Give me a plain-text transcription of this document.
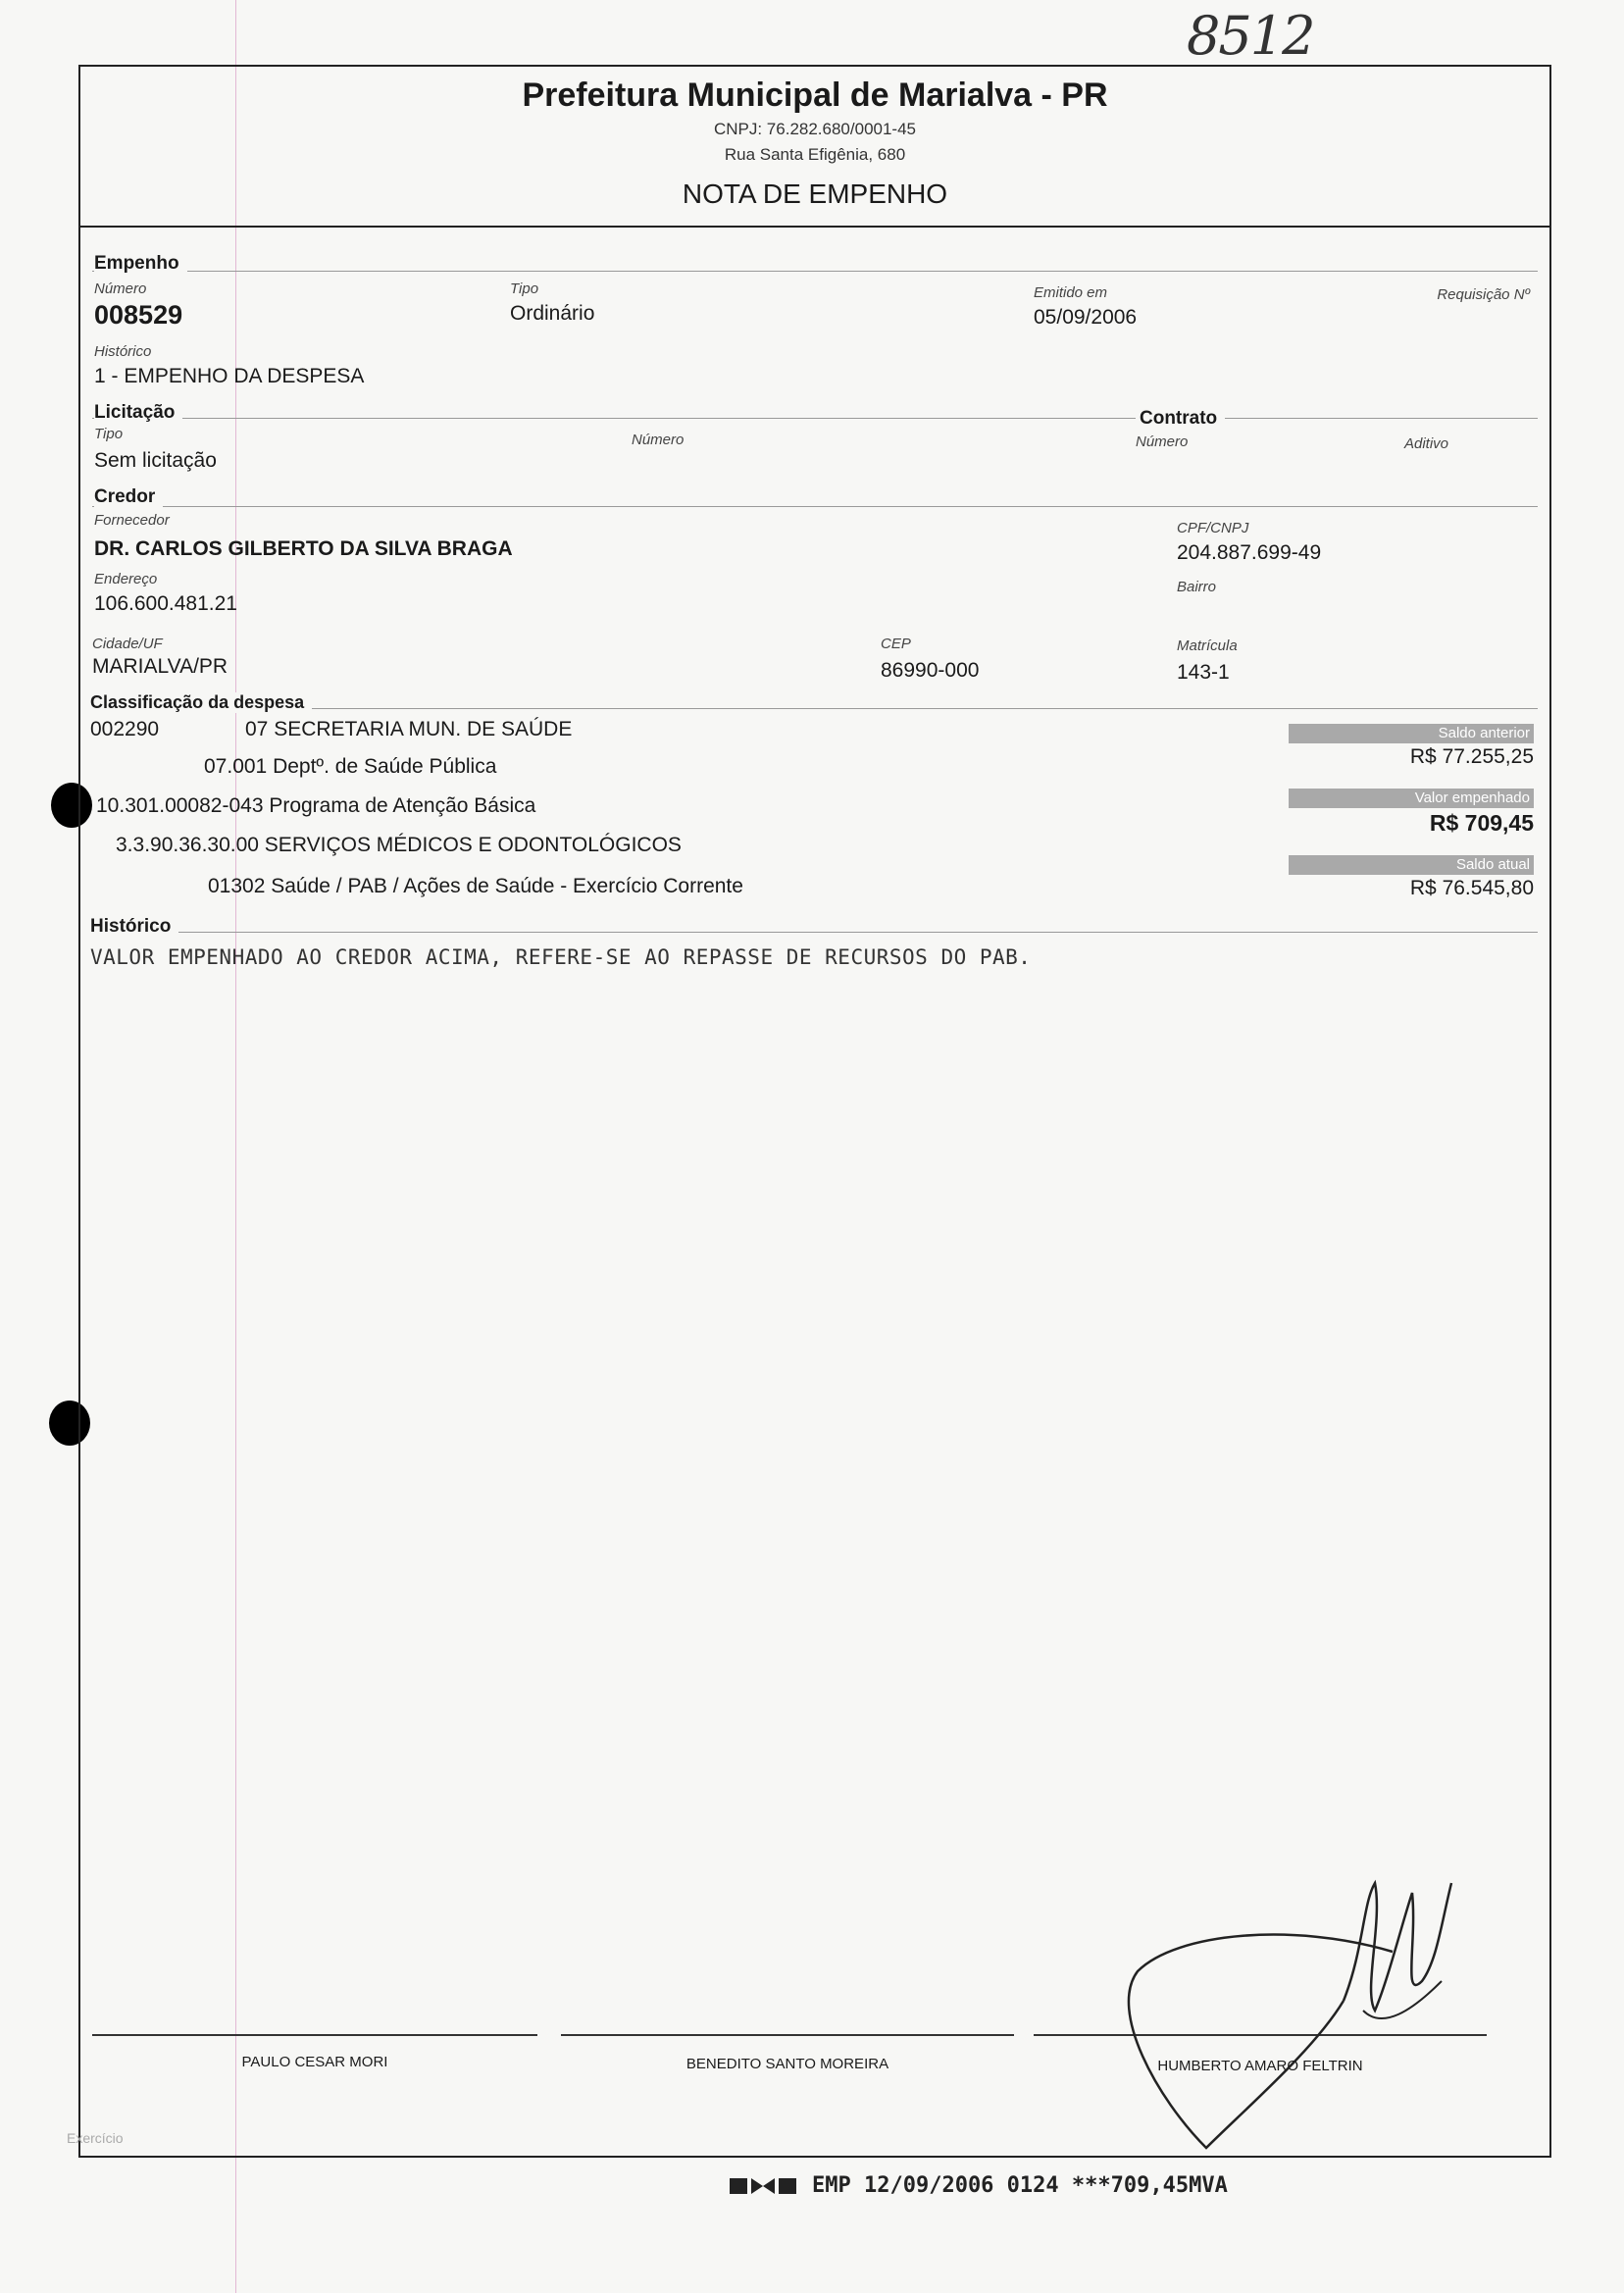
8512
Prefeitura Municipal de Marialva - PR
CNPJ: 76.282.680/0001-45
Rua Santa Efigênia, 680
NOTA DE EMPENHO
Empenho
Número
008529
Tipo
Ordinário
Emitido em
05/09/2006
Requisição Nº
Histórico
1 - EMPENHO DA DESPESA
Licitação	Contrato
Tipo
Sem licitação
Número	Número	Aditivo
Credor
Fornecedor
DR. CARLOS GILBERTO DA SILVA BRAGA
CPF/CNPJ
204.887.699-49
Endereço
106.600.481.21
Bairro
Cidade/UF
MARIALVA/PR
CEP
86990-000
Matrícula
143-1
Classificação da despesa
002290	07 SECRETARIA MUN. DE SAÚDE
07.001 Deptº. de Saúde Pública
10.301.00082-043 Programa de Atenção Básica
3.3.90.36.30.00 SERVIÇOS MÉDICOS E ODONTOLÓGICOS
01302 Saúde / PAB / Ações de Saúde - Exercício Corrente
Saldo anterior
R$ 77.255,25
Valor empenhado
R$ 709,45
Saldo atual
R$ 76.545,80
Histórico
VALOR EMPENHADO AO CREDOR ACIMA, REFERE-SE AO REPASSE DE RECURSOS DO PAB.
PAULO CESAR MORI	BENEDITO SANTO MOREIRA	HUMBERTO AMARO FELTRIN
Exercício
EMP 12/09/2006 0124 ***709,45MVA
